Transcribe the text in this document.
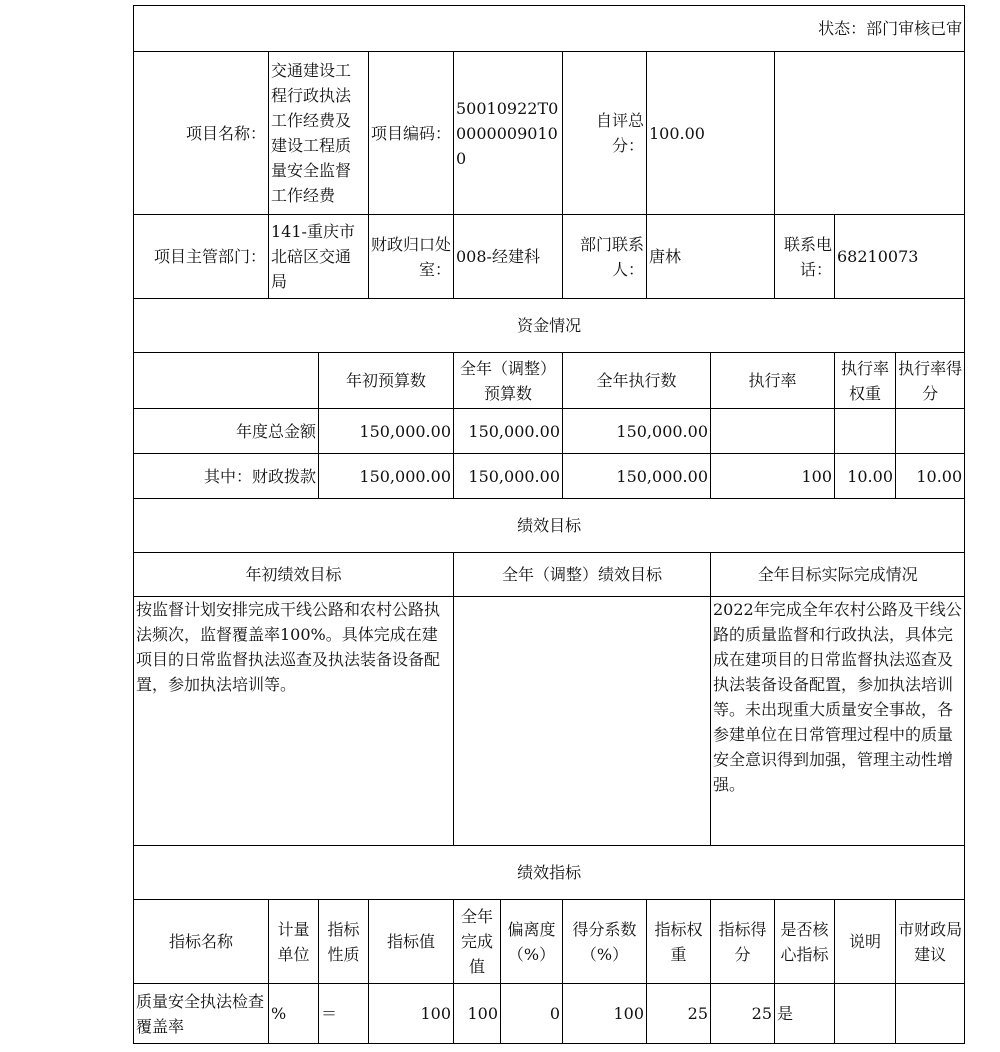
状态：部门审核已审											
项目名称：	交通建设工程行政执法工作经费及建设工程质量安全监督工作经费		项目编码：	50010922T000000090100		自评总分：	100.00				
项目主管部门：	141-重庆市北碚区交通局		财政归口处室：	008-经建科		部门联系人：	唐林		联系电话：	68210073	
资金情况											
		年初预算数		全年（调整）预算数		全年执行数		执行率		执行率权重	执行率得分
年度总金额		150,000.00		150,000.00		150,000.00					
其中：财政拨款		150,000.00		150,000.00		150,000.00		100		10.00	10.00
绩效目标											
年初绩效目标				全年（调整）绩效目标				全年目标实际完成情况			
按监督计划安排完成干线公路和农村公路执法频次，监督覆盖率100%。具体完成在建项目的日常监督执法巡查及执法装备设备配置，参加执法培训等。								2022年完成全年农村公路及干线公路的质量监督和行政执法，具体完成在建项目的日常监督执法巡查及执法装备设备配置，参加执法培训等。未出现重大质量安全事故，各参建单位在日常管理过程中的质量安全意识得到加强，管理主动性增强。			
绩效指标											
指标名称	计量单位	指标性质	指标值	全年完成值	偏离度（%）	得分系数（%）	指标权重	指标得分	是否核心指标	说明	市财政局建议
质量安全执法检查覆盖率	%	＝	100	100	0	100	25	25	是		
